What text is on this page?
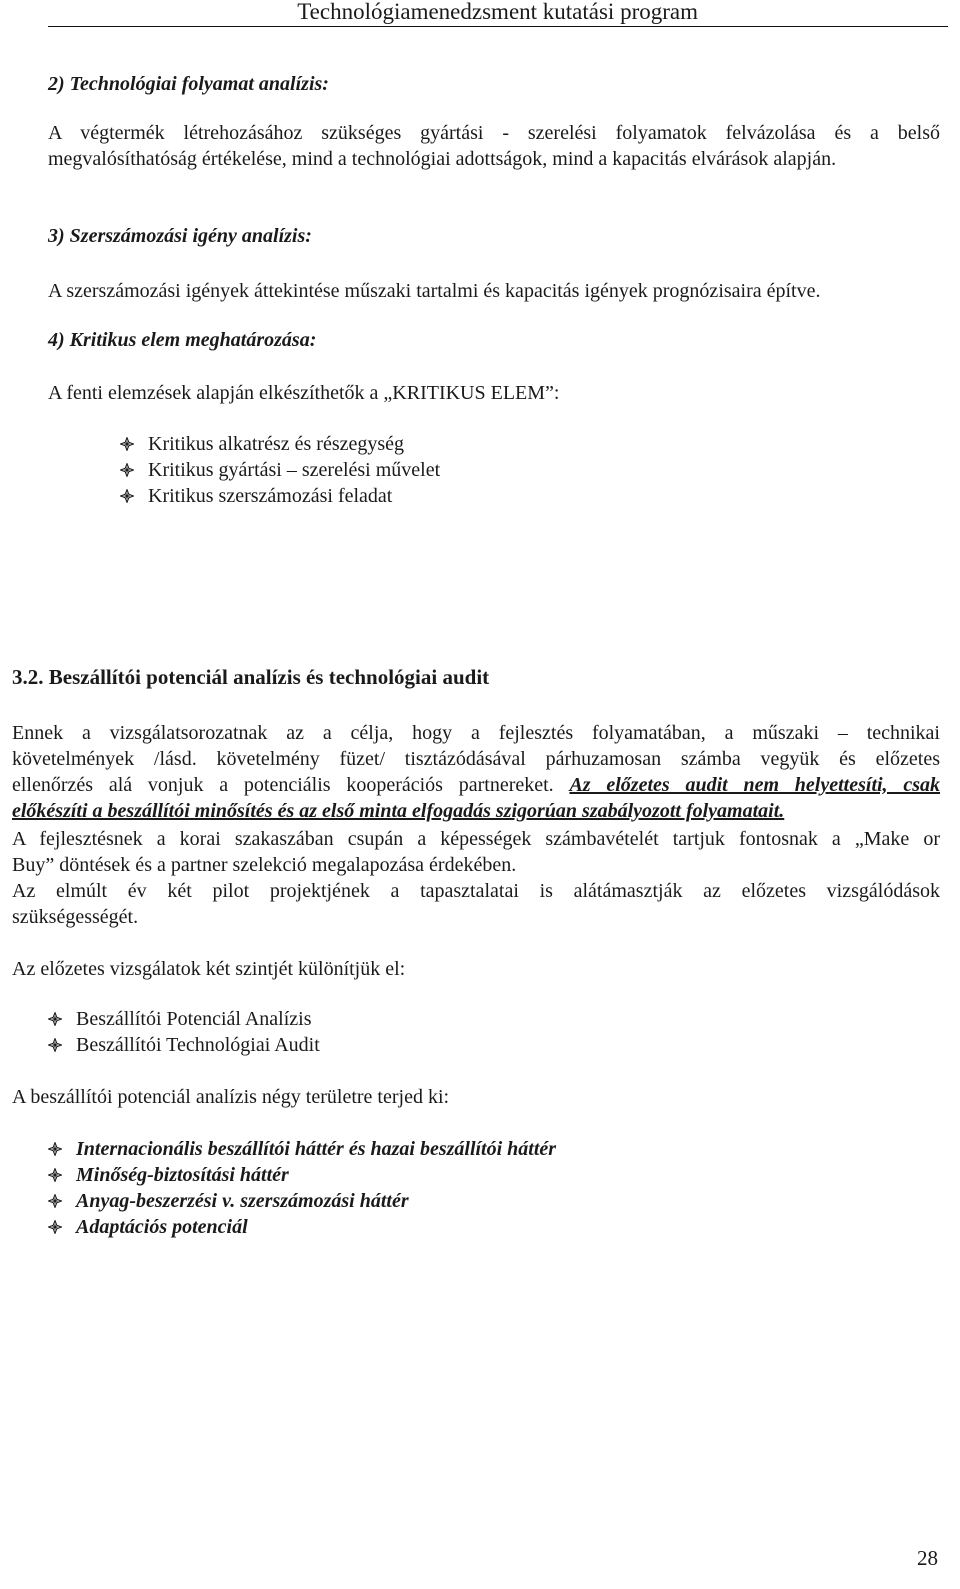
Technológiamenedzsment kutatási program
2) Technológiai folyamat analízis:
A végtermék létrehozásához szükséges gyártási - szerelési folyamatok felvázolása és a belső
megvalósíthatóság értékelése, mind a technológiai adottságok, mind a kapacitás elvárások alapján.
3) Szerszámozási igény analízis:
A szerszámozási igények áttekintése műszaki tartalmi és kapacitás igények prognózisaira építve.
4) Kritikus elem meghatározása:
A fenti elemzések alapján elkészíthetők a „KRITIKUS ELEM”:
Kritikus alkatrész és részegység
Kritikus gyártási – szerelési művelet
Kritikus szerszámozási feladat
3.2. Beszállítói potenciál analízis és technológiai audit
Ennek a vizsgálatsorozatnak az a célja, hogy a fejlesztés folyamatában, a műszaki – technikai
követelmények /lásd. követelmény füzet/ tisztázódásával párhuzamosan számba vegyük és előzetes
ellenőrzés alá vonjuk a potenciális kooperációs partnereket. Az előzetes audit nem helyettesíti, csak
előkészíti a beszállítói minősítés és az első minta elfogadás szigorúan szabályozott folyamatait.
A fejlesztésnek a korai szakaszában csupán a képességek számbavételét tartjuk fontosnak a „Make or
Buy” döntések és a partner szelekció megalapozása érdekében.
Az elmúlt év két pilot projektjének a tapasztalatai is alátámasztják az előzetes vizsgálódások
szükségességét.
Az előzetes vizsgálatok két szintjét különítjük el:
Beszállítói Potenciál Analízis
Beszállítói Technológiai Audit
A beszállítói potenciál analízis négy területre terjed ki:
Internacionális beszállítói háttér és hazai beszállítói háttér
Minőség-biztosítási háttér
Anyag-beszerzési v. szerszámozási háttér
Adaptációs potenciál
28
